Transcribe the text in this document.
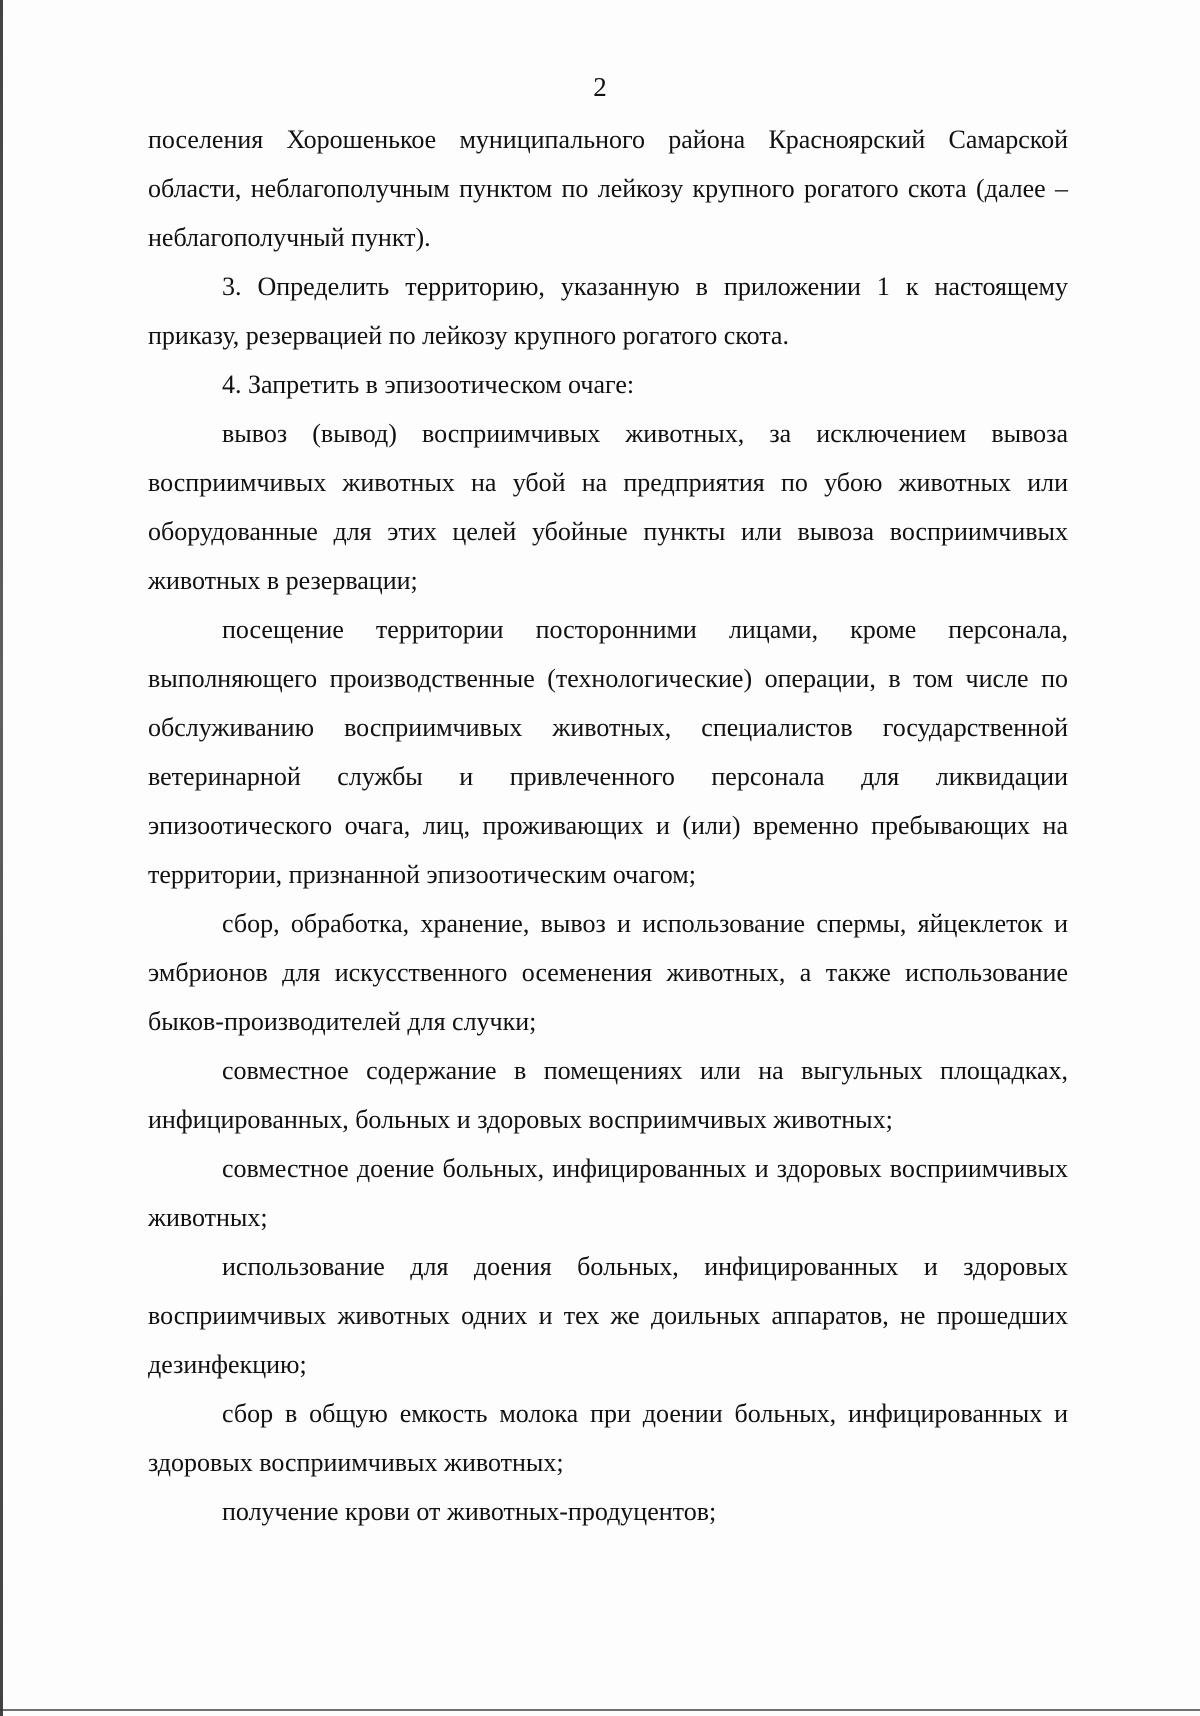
2

поселения Хорошенькое муниципального района Красноярский Самарской области, неблагополучным пунктом по лейкозу крупного рогатого скота (далее – неблагополучный пункт).

3. Определить территорию, указанную в приложении 1 к настоящему приказу, резервацией по лейкозу крупного рогатого скота.

4. Запретить в эпизоотическом очаге:

вывоз (вывод) восприимчивых животных, за исключением вывоза восприимчивых животных на убой на предприятия по убою животных или оборудованные для этих целей убойные пункты или вывоза восприимчивых животных в резервации;

посещение территории посторонними лицами, кроме персонала, выполняющего производственные (технологические) операции, в том числе по обслуживанию восприимчивых животных, специалистов государственной ветеринарной службы и привлеченного персонала для ликвидации эпизоотического очага, лиц, проживающих и (или) временно пребывающих на территории, признанной эпизоотическим очагом;

сбор, обработка, хранение, вывоз и использование спермы, яйцеклеток и эмбрионов для искусственного осеменения животных, а также использование быков-производителей для случки;

совместное содержание в помещениях или на выгульных площадках, инфицированных, больных и здоровых восприимчивых животных;

совместное доение больных, инфицированных и здоровых восприимчивых животных;

использование для доения больных, инфицированных и здоровых восприимчивых животных одних и тех же доильных аппаратов, не прошедших дезинфекцию;

сбор в общую емкость молока при доении больных, инфицированных и здоровых восприимчивых животных;

получение крови от животных-продуцентов;
